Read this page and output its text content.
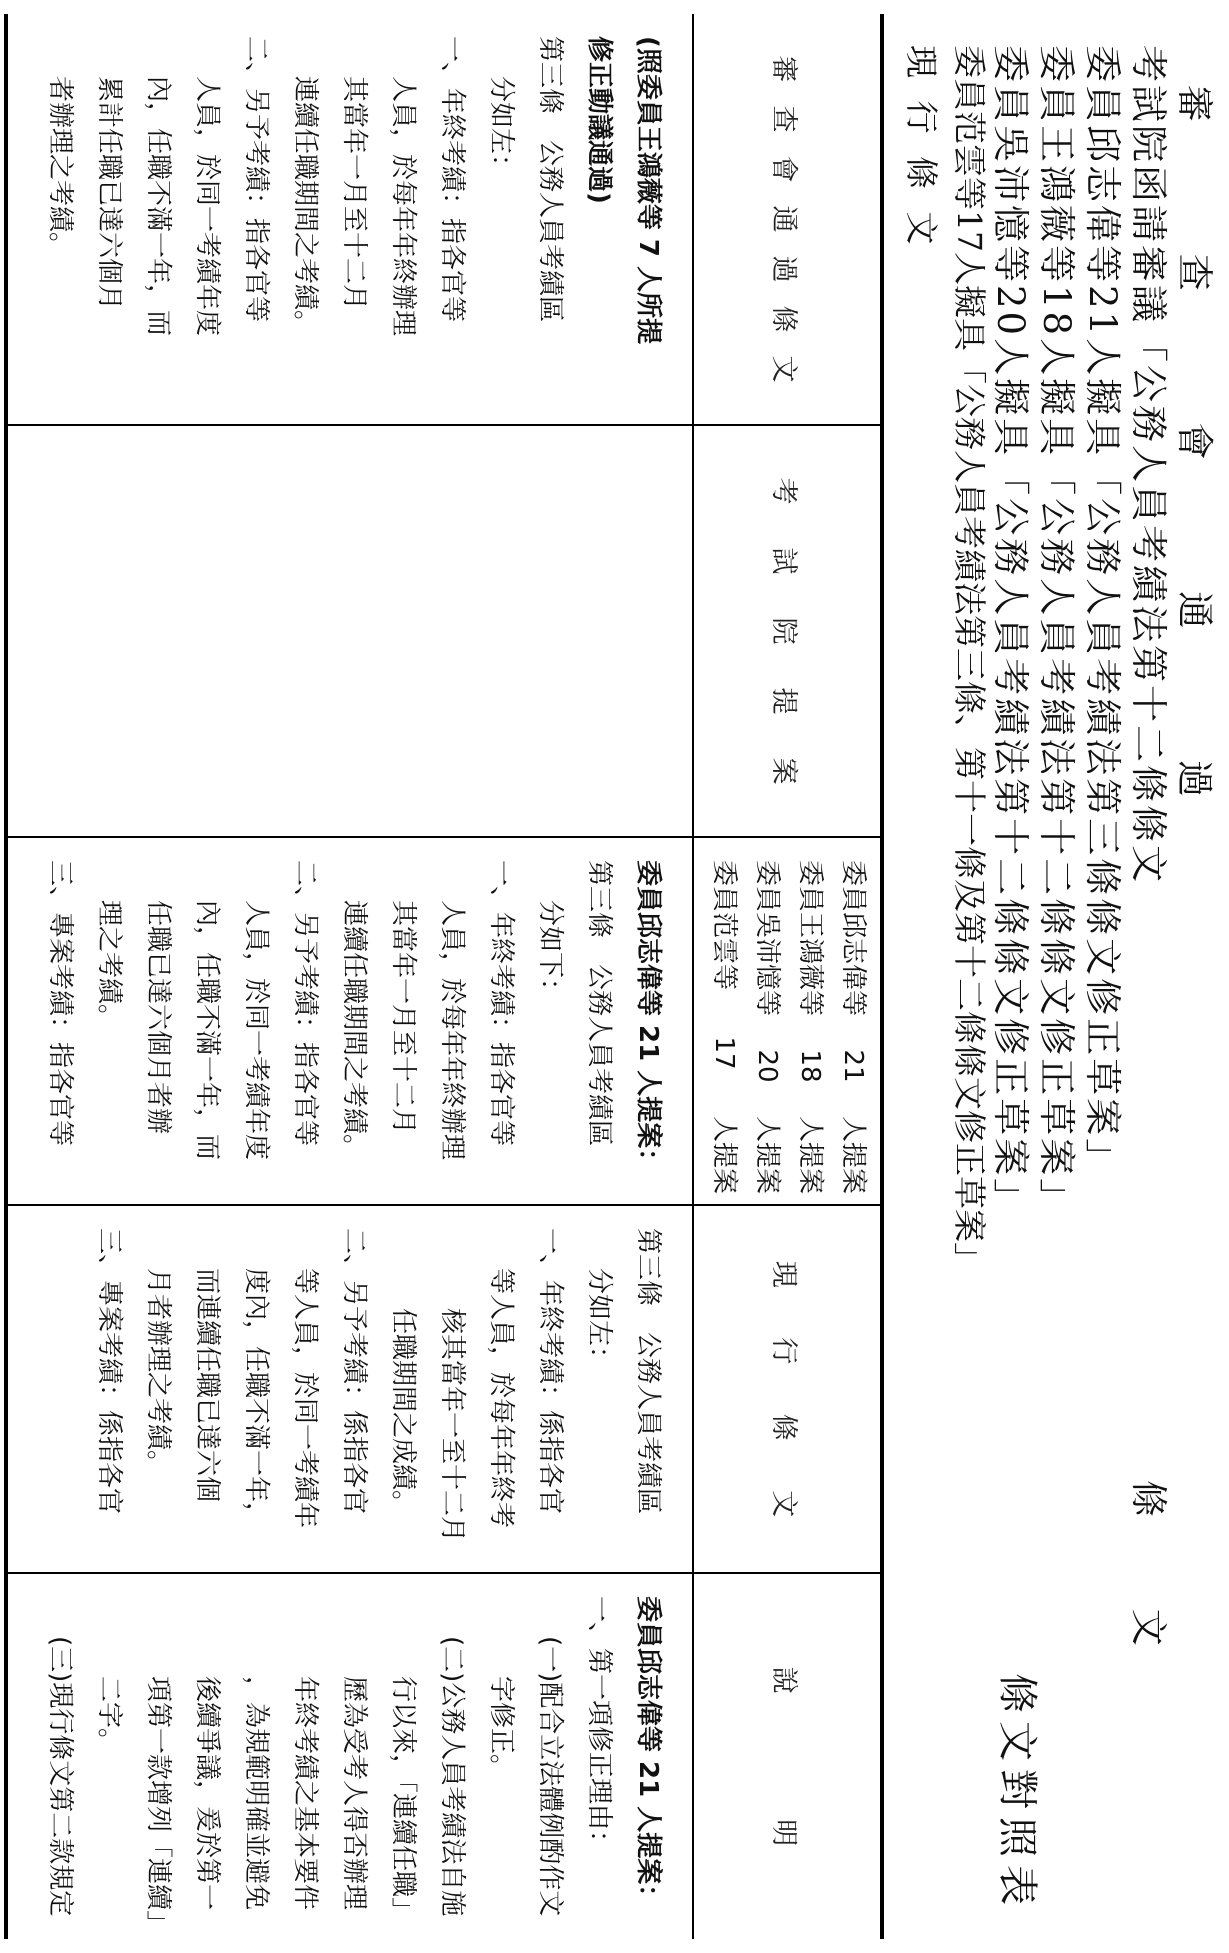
審 查 會 通 過
考試院函請審議「公務人員考績法第十二條條文
委員邱志偉等21人擬具「公務人員考績法第三條條文修正草案」
委員王鴻薇等18人擬具「公務人員考績法第十二條條文修正草案」
委員吳沛憶等20人擬具「公務人員考績法第十二條條文修正草案」
委員范雲等17人擬具「公務人員考績法第三條、第十一條及第十二條條文修正草案」
現 行 條 文
條 文
條文對照表
審
查
會
通
過
條
文
(照委員王鴻薇等 7 人所提
修正動議通過)
第三條　公務人員考績區
分如左：
一、年終考績：指各官等
人員，於每年年終辦理
其當年一月至十二月
連續任職期間之考績。
二、另予考績：指各官等
人員，於同一考績年度
內，任職不滿一年，而
累計任職已達六個月
者辦理之考績。
考
試
院
提
案
委員邱志偉等
21
人提案
委員王鴻薇等
18
人提案
委員吳沛憶等
20
人提案
委員范雲等
17
人提案
委員邱志偉等 21 人提案：
第三條　公務人員考績區
分如下：
一、年終考績：指各官等
人員，於每年年終辦理
其當年一月至十二月
連續任職期間之考績。
二、另予考績：指各官等
人員，於同一考績年度
內，任職不滿一年，而
任職已達六個月者辦
理之考績。
三、專案考績：指各官等
現
行
條
文
第三條　公務人員考績區
分如左：
一、年終考績：係指各官
等人員，於每年年終考
核其當年一至十二月
任職期間之成績。
二、另予考績：係指各官
等人員，於同一考績年
度內，任職不滿一年，
而連續任職已達六個
月者辦理之考績。
三、專案考績：係指各官
說
明
委員邱志偉等 21 人提案：
一、第一項修正理由：
(一)配合立法體例酌作文
字修正。
(二)公務人員考績法自施
行以來，「連續任職」
歷為受考人得否辦理
年終考績之基本要件
，為規範明確並避免
後續爭議，爰於第一
項第一款增列「連續」
二字。
(三)現行條文第二款規定
